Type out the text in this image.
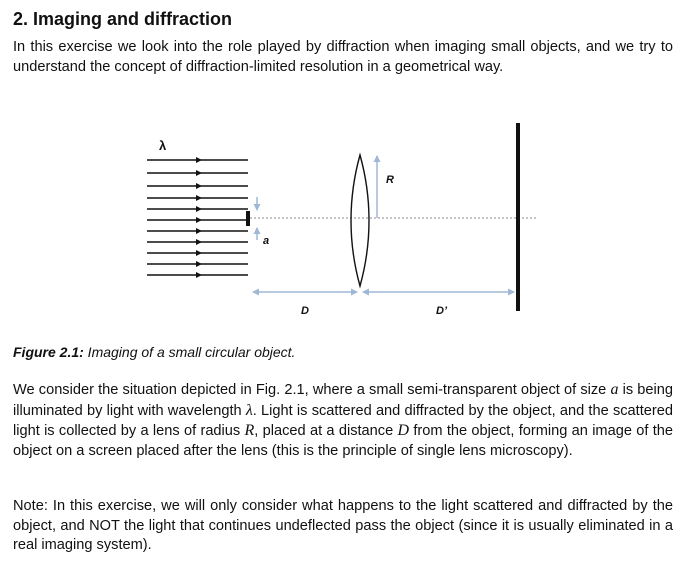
2. Imaging and diffraction

In this exercise we look into the role played by diffraction when imaging small objects, and we try to understand the concept of diffraction-limited resolution in a geometrical way.

λ
a
R
D	D’

Figure 2.1: Imaging of a small circular object.

We consider the situation depicted in Fig. 2.1, where a small semi-transparent object of size a is being illuminated by light with wavelength λ. Light is scattered and diffracted by the object, and the scattered light is collected by a lens of radius R, placed at a distance D from the object, forming an image of the object on a screen placed after the lens (this is the principle of single lens microscopy).

Note: In this exercise, we will only consider what happens to the light scattered and diffracted by the object, and NOT the light that continues undeflected pass the object (since it is usually eliminated in a real imaging system).
